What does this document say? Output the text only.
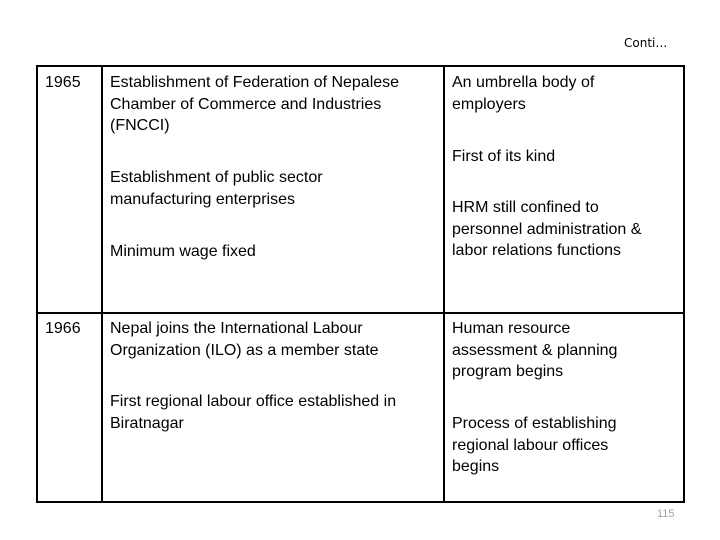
Conti…
1965 Establishment of Federation of Nepalese
Chamber of Commerce and Industries
(FNCCI)
Establishment of public sector
manufacturing enterprises
Minimum wage fixed
An umbrella body of
employers
First of its kind
HRM still confined to
personnel administration &
labor relations functions
1966 Nepal joins the International Labour
Organization (ILO) as a member state
First regional labour office established in
Biratnagar
Human resource
assessment & planning
program begins
Process of establishing
regional labour offices
begins
115
